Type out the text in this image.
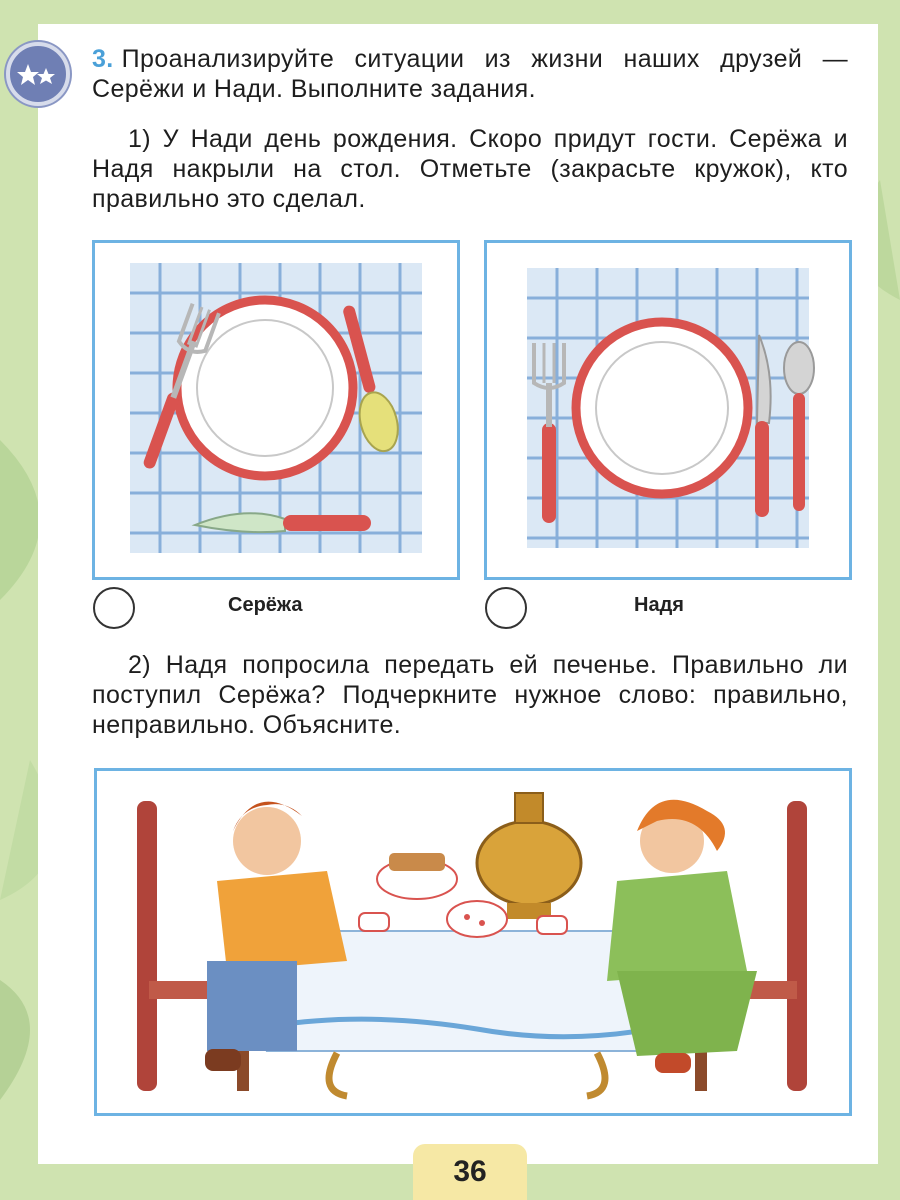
3. Проанализируйте ситуации из жизни наших друзей — Серёжи и Нади. Выполните задания.
1) У Нади день рождения. Скоро придут гости. Серёжа и Надя накрыли на стол. Отметьте (закрасьте кружок), кто правильно это сделал.
Серёжа	Надя
2) Надя попросила передать ей печенье. Правильно ли поступил Серёжа? Подчеркните нужное слово: правильно, неправильно. Объясните.
36
